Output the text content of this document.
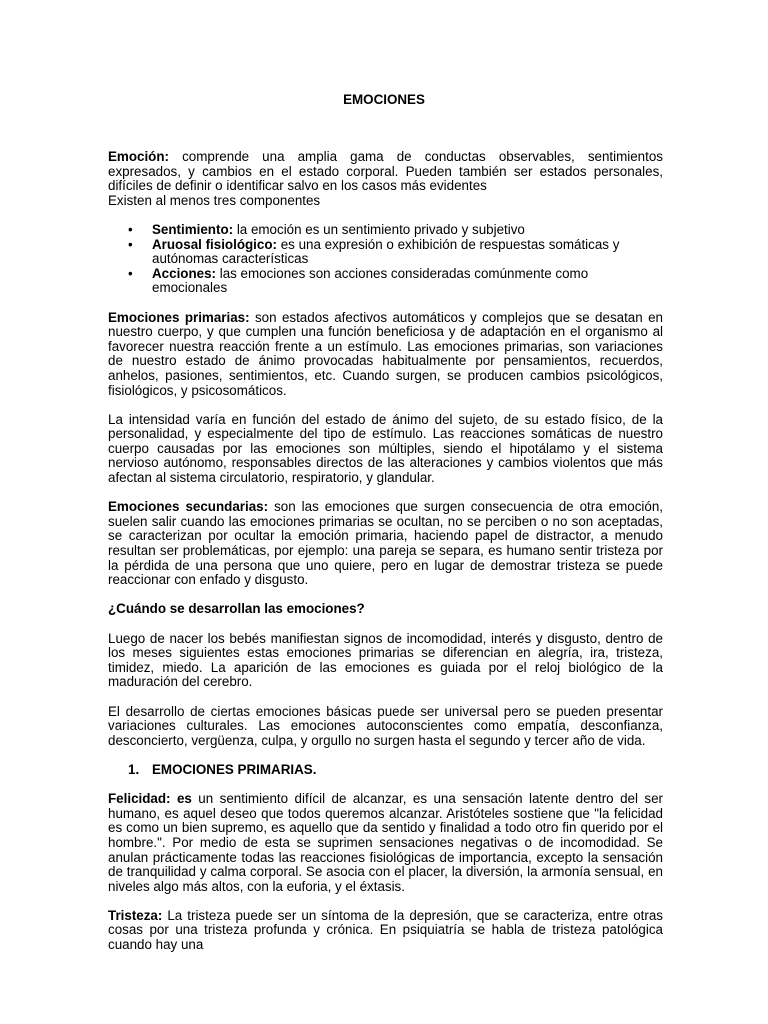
EMOCIONES

Emoción: comprende una amplia gama de conductas observables, sentimientos expresados, y cambios en el estado corporal. Pueden también ser estados personales, difíciles de definir o identificar salvo en los casos más evidentes
Existen al menos tres componentes

• Sentimiento: la emoción es un sentimiento privado y subjetivo
• Aruosal fisiológico: es una expresión o exhibición de respuestas somáticas y autónomas características
• Acciones: las emociones son acciones consideradas comúnmente como emocionales

Emociones primarias: son estados afectivos automáticos y complejos que se desatan en nuestro cuerpo, y que cumplen una función beneficiosa y de adaptación en el organismo al favorecer nuestra reacción frente a un estímulo. Las emociones primarias, son variaciones de nuestro estado de ánimo provocadas habitualmente por pensamientos, recuerdos, anhelos, pasiones, sentimientos, etc. Cuando surgen, se producen cambios psicológicos, fisiológicos, y psicosomáticos.

La intensidad varía en función del estado de ánimo del sujeto, de su estado físico, de la personalidad, y especialmente del tipo de estímulo. Las reacciones somáticas de nuestro cuerpo causadas por las emociones son múltiples, siendo el hipotálamo y el sistema nervioso autónomo, responsables directos de las alteraciones y cambios violentos que más afectan al sistema circulatorio, respiratorio, y glandular.

Emociones secundarias: son las emociones que surgen consecuencia de otra emoción, suelen salir cuando las emociones primarias se ocultan, no se perciben o no son aceptadas, se caracterizan por ocultar la emoción primaria, haciendo papel de distractor, a menudo resultan ser problemáticas, por ejemplo: una pareja se separa, es humano sentir tristeza por la pérdida de una persona que uno quiere, pero en lugar de demostrar tristeza se puede reaccionar con enfado y disgusto.

¿Cuándo se desarrollan las emociones?

Luego de nacer los bebés manifiestan signos de incomodidad, interés y disgusto, dentro de los meses siguientes estas emociones primarias se diferencian en alegría, ira, tristeza, timidez, miedo. La aparición de las emociones es guiada por el reloj biológico de la maduración del cerebro.

El desarrollo de ciertas emociones básicas puede ser universal pero se pueden presentar variaciones culturales. Las emociones autoconscientes como empatía, desconfianza, desconcierto, vergüenza, culpa, y orgullo no surgen hasta el segundo y tercer año de vida.

1. EMOCIONES PRIMARIAS.

Felicidad: es un sentimiento difícil de alcanzar, es una sensación latente dentro del ser humano, es aquel deseo que todos queremos alcanzar. Aristóteles sostiene que "la felicidad es como un bien supremo, es aquello que da sentido y finalidad a todo otro fin querido por el hombre.". Por medio de esta se suprimen sensaciones negativas o de incomodidad. Se anulan prácticamente todas las reacciones fisiológicas de importancia, excepto la sensación de tranquilidad y calma corporal. Se asocia con el placer, la diversión, la armonía sensual, en niveles algo más altos, con la euforia, y el éxtasis.

Tristeza: La tristeza puede ser un síntoma de la depresión, que se caracteriza, entre otras cosas por una tristeza profunda y crónica. En psiquiatría se habla de tristeza patológica cuando hay una
